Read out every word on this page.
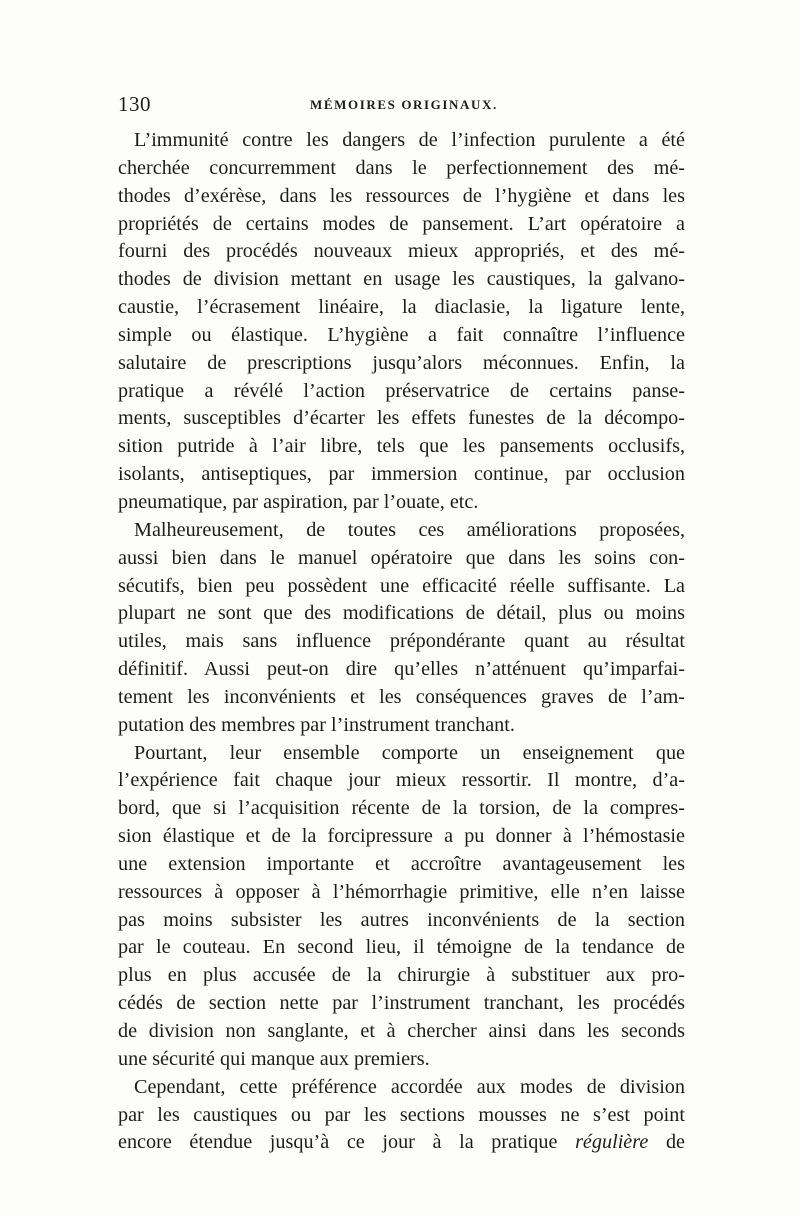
130	MÉMOIRES ORIGINAUX.

L’immunité contre les dangers de l’infection purulente a été
cherchée concurremment dans le perfectionnement des mé-
thodes d’exérèse, dans les ressources de l’hygiène et dans les
propriétés de certains modes de pansement. L’art opératoire a
fourni des procédés nouveaux mieux appropriés, et des mé-
thodes de division mettant en usage les caustiques, la galvano-
caustie, l’écrasement linéaire, la diaclasie, la ligature lente,
simple ou élastique. L’hygiène a fait connaître l’influence
salutaire de prescriptions jusqu’alors méconnues. Enfin, la
pratique a révélé l’action préservatrice de certains panse-
ments, susceptibles d’écarter les effets funestes de la décompo-
sition putride à l’air libre, tels que les pansements occlusifs,
isolants, antiseptiques, par immersion continue, par occlusion
pneumatique, par aspiration, par l’ouate, etc.

Malheureusement, de toutes ces améliorations proposées,
aussi bien dans le manuel opératoire que dans les soins con-
sécutifs, bien peu possèdent une efficacité réelle suffisante. La
plupart ne sont que des modifications de détail, plus ou moins
utiles, mais sans influence prépondérante quant au résultat
définitif. Aussi peut-on dire qu’elles n’atténuent qu’imparfai-
tement les inconvénients et les conséquences graves de l’am-
putation des membres par l’instrument tranchant.

Pourtant, leur ensemble comporte un enseignement que
l’expérience fait chaque jour mieux ressortir. Il montre, d’a-
bord, que si l’acquisition récente de la torsion, de la compres-
sion élastique et de la forcipressure a pu donner à l’hémostasie
une extension importante et accroître avantageusement les
ressources à opposer à l’hémorrhagie primitive, elle n’en laisse
pas moins subsister les autres inconvénients de la section
par le couteau. En second lieu, il témoigne de la tendance de
plus en plus accusée de la chirurgie à substituer aux pro-
cédés de section nette par l’instrument tranchant, les procédés
de division non sanglante, et à chercher ainsi dans les seconds
une sécurité qui manque aux premiers.

Cependant, cette préférence accordée aux modes de division
par les caustiques ou par les sections mousses ne s’est point
encore étendue jusqu’à ce jour à la pratique régulière de
